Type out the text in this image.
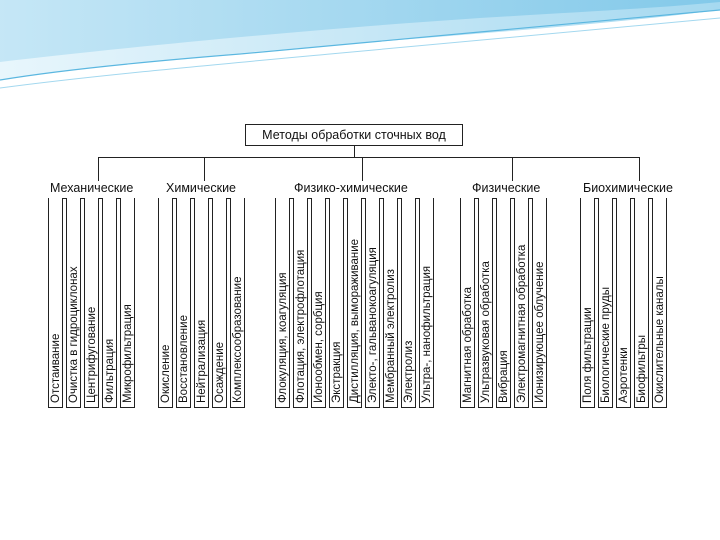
Методы обработки сточных вод
Механические
Отстаивание Очистка в гидроциклонах Центрифугование Фильтрация Микрофильтрация
Химические
Окисление Восстановление Нейтрализация Осаждение Комплексообразование
Физико-химические
Флокуляция, коагуляция Флотация, электрофлотация Ионообмен, сорбция Экстракция Дистилляция, вымораживание Электо-, гальванокоагуляция Мембранный электролиз Электролиз Ультра-, нанофильтрация
Физические
Магнитная обработка Ультразвуковая обработка Вибрация Электромагнитная обработка Ионизирующее облучение
Биохимические
Поля фильтрации Биологические пруды Аэротенки Биофильтры Окислительные каналы
